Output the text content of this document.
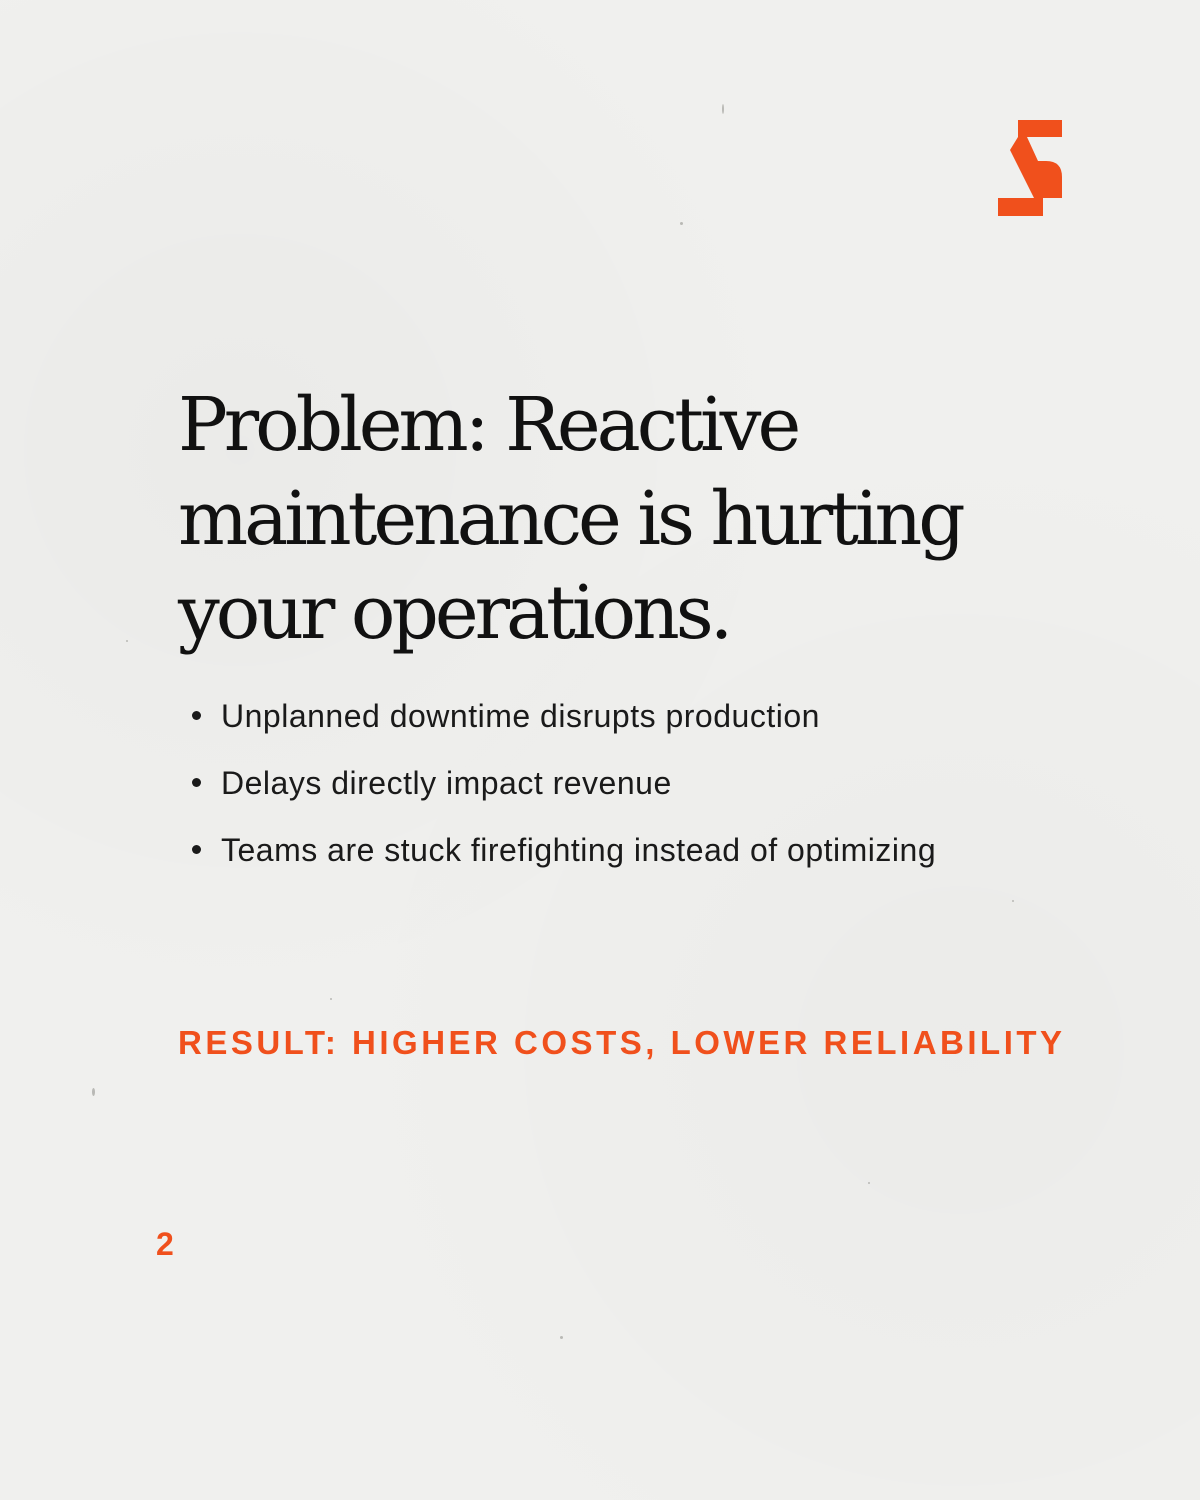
Problem: Reactive
maintenance is hurting
your operations.
Unplanned downtime disrupts production
Delays directly impact revenue
Teams are stuck firefighting instead of optimizing

RESULT: HIGHER COSTS, LOWER RELIABILITY

2
